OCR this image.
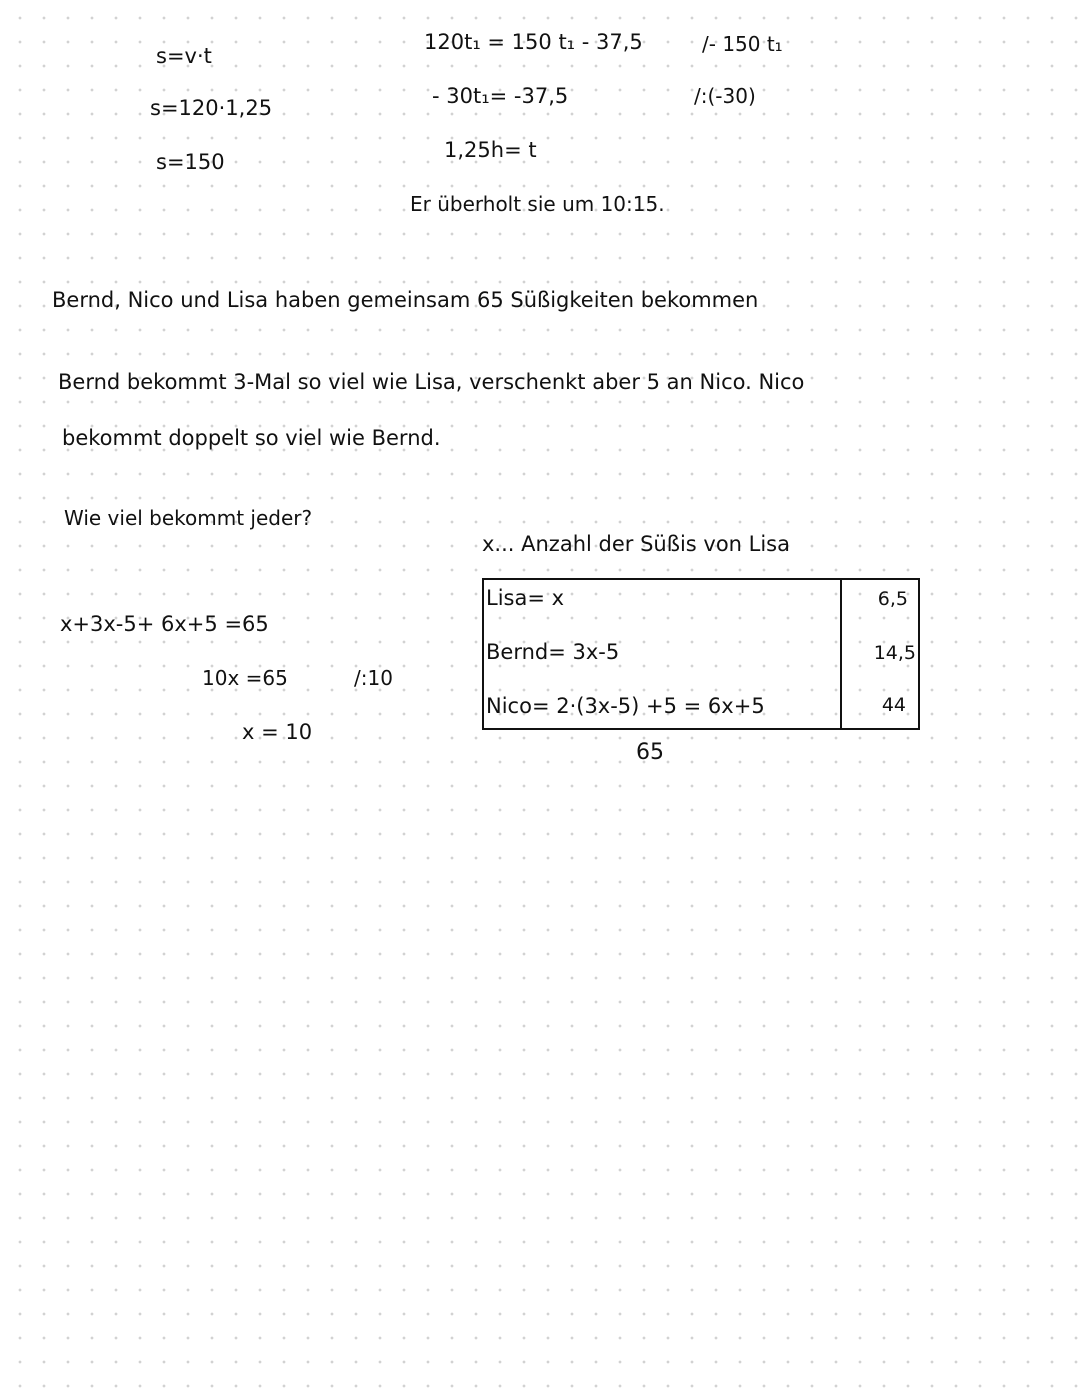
s=v·t
s=120·1,25
s=150
120t₁ = 150 t₁ - 37,5	/- 150 t₁
- 30t₁= -37,5	/:(-30)
1,25h= t
Er überholt sie um 10:15.
Bernd, Nico und Lisa haben gemeinsam 65 Süßigkeiten bekommen
Bernd bekommt 3-Mal so viel wie Lisa, verschenkt aber 5 an Nico. Nico
bekommt doppelt so viel wie Bernd.
Wie viel bekommt jeder?
x... Anzahl der Süßis von Lisa
x+3x-5+ 6x+5 =65
10x =65	/:10
x = 10
Lisa= x	6,5
Bernd= 3x-5	14,5
Nico= 2·(3x-5) +5 = 6x+5	44
65
